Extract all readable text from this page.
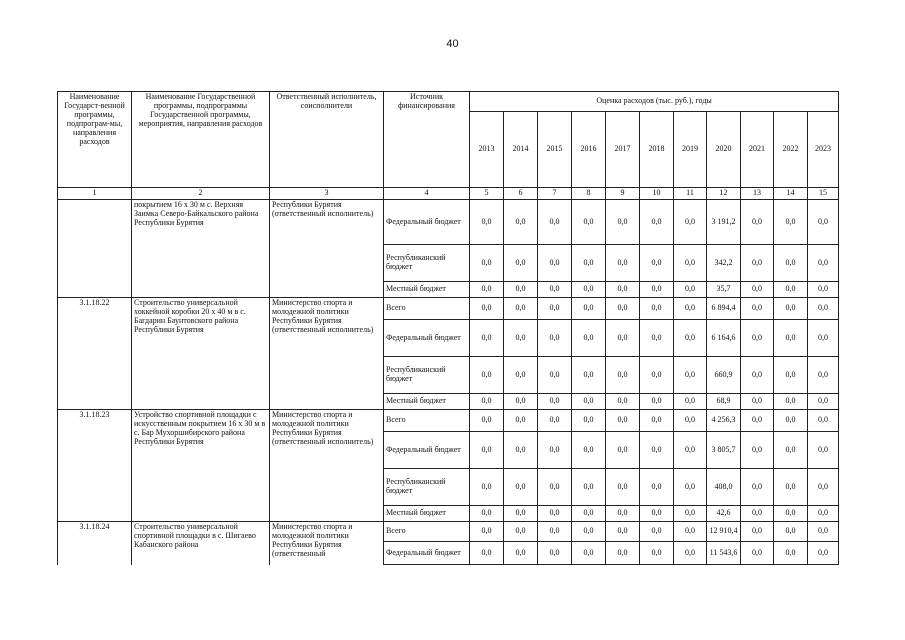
40
Наименование Государст-венной программы, подпрограм-мы, направления расходов	Наименование Государственной программы, подпрограммы Государственной программы, мероприятия, направления расходов	Ответственный исполнитель, соисполнители	Источник финансирования	Оценка расходов (тыс. руб.), годы										
				2013	2014	2015	2016	2017	2018	2019	2020	2021	2022	2023
1	2	3	4	5	6	7	8	9	10	11	12	13	14	15
	покрытием 16 х 30 м с. Верхняя Заимка Северо-Байкальского района Республики Бурятия	Республики Бурятия (ответственный исполнитель)	Федеральный бюджет	0,0	0,0	0,0	0,0	0,0	0,0	0,0	3 191,2	0,0	0,0	0,0
			Республиканский бюджет	0,0	0,0	0,0	0,0	0,0	0,0	0,0	342,2	0,0	0,0	0,0
			Местный бюджет	0,0	0,0	0,0	0,0	0,0	0,0	0,0	35,7	0,0	0,0	0,0
3.1.18.22	Строительство универсальной хоккейной коробки 20 х 40 м в с. Багдарин Баунтовского района Республики Бурятия	Министерство спорта и молодежной политики Республики Бурятия (ответственный исполнитель)	Всего	0,0	0,0	0,0	0,0	0,0	0,0	0,0	6 894,4	0,0	0,0	0,0
			Федеральный бюджет	0,0	0,0	0,0	0,0	0,0	0,0	0,0	6 164,6	0,0	0,0	0,0
			Республиканский бюджет	0,0	0,0	0,0	0,0	0,0	0,0	0,0	660,9	0,0	0,0	0,0
			Местный бюджет	0,0	0,0	0,0	0,0	0,0	0,0	0,0	68,9	0,0	0,0	0,0
3.1.18.23	Устройство спортивной площадки с искусственным покрытием 16 х 30 м в с. Бар Мухоршибирского района Республики Бурятия	Министерство спорта и молодежной политики Республики Бурятия (ответственный исполнитель)	Всего	0,0	0,0	0,0	0,0	0,0	0,0	0,0	4 256,3	0,0	0,0	0,0
			Федеральный бюджет	0,0	0,0	0,0	0,0	0,0	0,0	0,0	3 805,7	0,0	0,0	0,0
			Республиканский бюджет	0,0	0,0	0,0	0,0	0,0	0,0	0,0	408,0	0,0	0,0	0,0
			Местный бюджет	0,0	0,0	0,0	0,0	0,0	0,0	0,0	42,6	0,0	0,0	0,0
3.1.18.24	Строительство универсальной спортивной площадки в с. Шигаево Кабанского района	Министерство спорта и молодежной политики Республики Бурятия (ответственный	Всего	0,0	0,0	0,0	0,0	0,0	0,0	0,0	12 910,4	0,0	0,0	0,0
			Федеральный бюджет	0,0	0,0	0,0	0,0	0,0	0,0	0,0	11 543,6	0,0	0,0	0,0
